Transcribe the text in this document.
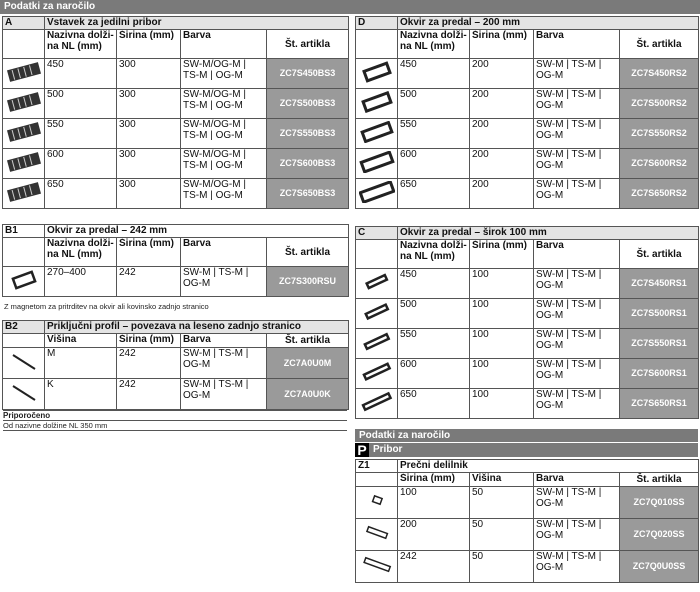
Podatki za naročilo
A	Vstavek za jedilni pribor			
	Nazivna dolži-na NL (mm)	Širina (mm)	Barva	Št. artikla
	450	300	SW-M/OG-M | TS-M | OG-M	ZC7S450BS3
	500	300	SW-M/OG-M | TS-M | OG-M	ZC7S500BS3
	550	300	SW-M/OG-M | TS-M | OG-M	ZC7S550BS3
	600	300	SW-M/OG-M | TS-M | OG-M	ZC7S600BS3
	650	300	SW-M/OG-M | TS-M | OG-M	ZC7S650BS3
B1	Okvir za predal – 242 mm			
	Nazivna dolži-na NL (mm)	Širina (mm)	Barva	Št. artikla
	270–400	242	SW-M | TS-M | OG-M	ZC7S300RSU
Z magnetom za pritrditev na okvir ali kovinsko zadnjo stranico
B2	Priključni profil – povezava na leseno zadnjo stranico			
	Višina	Širina (mm)	Barva	Št. artikla
	M	242	SW-M | TS-M | OG-M	ZC7A0U0M
	K	242	SW-M | TS-M | OG-M	ZC7A0U0K
Priporočeno
Od nazivne dolžine NL 350 mm
D	Okvir za predal – 200 mm			
	Nazivna dolži-na NL (mm)	Širina (mm)	Barva	Št. artikla
	450	200	SW-M | TS-M | OG-M	ZC7S450RS2
	500	200	SW-M | TS-M | OG-M	ZC7S500RS2
	550	200	SW-M | TS-M | OG-M	ZC7S550RS2
	600	200	SW-M | TS-M | OG-M	ZC7S600RS2
	650	200	SW-M | TS-M | OG-M	ZC7S650RS2
C	Okvir za predal – širok 100 mm			
	Nazivna dolži-na NL (mm)	Širina (mm)	Barva	Št. artikla
	450	100	SW-M | TS-M | OG-M	ZC7S450RS1
	500	100	SW-M | TS-M | OG-M	ZC7S500RS1
	550	100	SW-M | TS-M | OG-M	ZC7S550RS1
	600	100	SW-M | TS-M | OG-M	ZC7S600RS1
	650	100	SW-M | TS-M | OG-M	ZC7S650RS1
Podatki za naročilo
P Pribor
Z1	Prečni delilnik			
	Širina (mm)	Višina	Barva	Št. artikla
	100	50	SW-M | TS-M | OG-M	ZC7Q010SS
	200	50	SW-M | TS-M | OG-M	ZC7Q020SS
	242	50	SW-M | TS-M | OG-M	ZC7Q0U0SS
